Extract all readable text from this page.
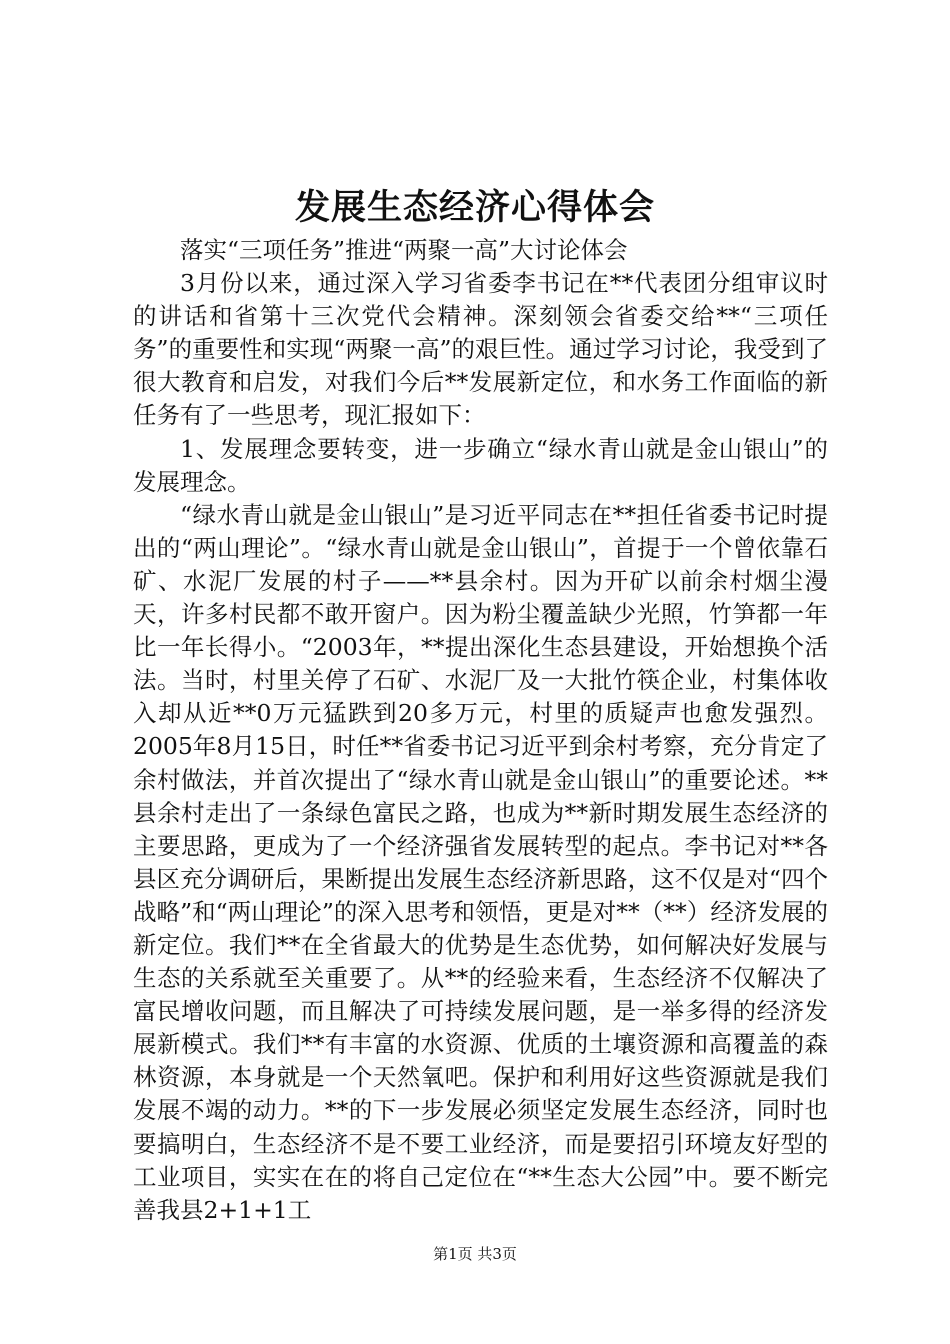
发展生态经济心得体会

落实“三项任务”推进“两聚一高”大讨论体会

3月份以来，通过深入学习省委李书记在**代表团分组审议时的讲话和省第十三次党代会精神。深刻领会省委交给**“三项任务”的重要性和实现“两聚一高”的艰巨性。通过学习讨论，我受到了很大教育和启发，对我们今后**发展新定位，和水务工作面临的新任务有了一些思考，现汇报如下：

1、发展理念要转变，进一步确立“绿水青山就是金山银山”的发展理念。

“绿水青山就是金山银山”是习近平同志在**担任省委书记时提出的“两山理论”。“绿水青山就是金山银山”，首提于一个曾依靠石矿、水泥厂发展的村子——**县余村。因为开矿以前余村烟尘漫天，许多村民都不敢开窗户。因为粉尘覆盖缺少光照，竹笋都一年比一年长得小。“2003年，**提出深化生态县建设，开始想换个活法。当时，村里关停了石矿、水泥厂及一大批竹筷企业，村集体收入却从近**0万元猛跌到20多万元，村里的质疑声也愈发强烈。2005年8月15日，时任**省委书记习近平到余村考察，充分肯定了余村做法，并首次提出了“绿水青山就是金山银山”的重要论述。**县余村走出了一条绿色富民之路，也成为**新时期发展生态经济的主要思路，更成为了一个经济强省发展转型的起点。李书记对**各县区充分调研后，果断提出发展生态经济新思路，这不仅是对“四个战略”和“两山理论”的深入思考和领悟，更是对**（**）经济发展的新定位。我们**在全省最大的优势是生态优势，如何解决好发展与生态的关系就至关重要了。从**的经验来看，生态经济不仅解决了富民增收问题，而且解决了可持续发展问题，是一举多得的经济发展新模式。我们**有丰富的水资源、优质的土壤资源和高覆盖的森林资源，本身就是一个天然氧吧。保护和利用好这些资源就是我们发展不竭的动力。**的下一步发展必须坚定发展生态经济，同时也要搞明白，生态经济不是不要工业经济，而是要招引环境友好型的工业项目，实实在在的将自己定位在“**生态大公园”中。要不断完善我县2+1+1工

第1页 共3页
